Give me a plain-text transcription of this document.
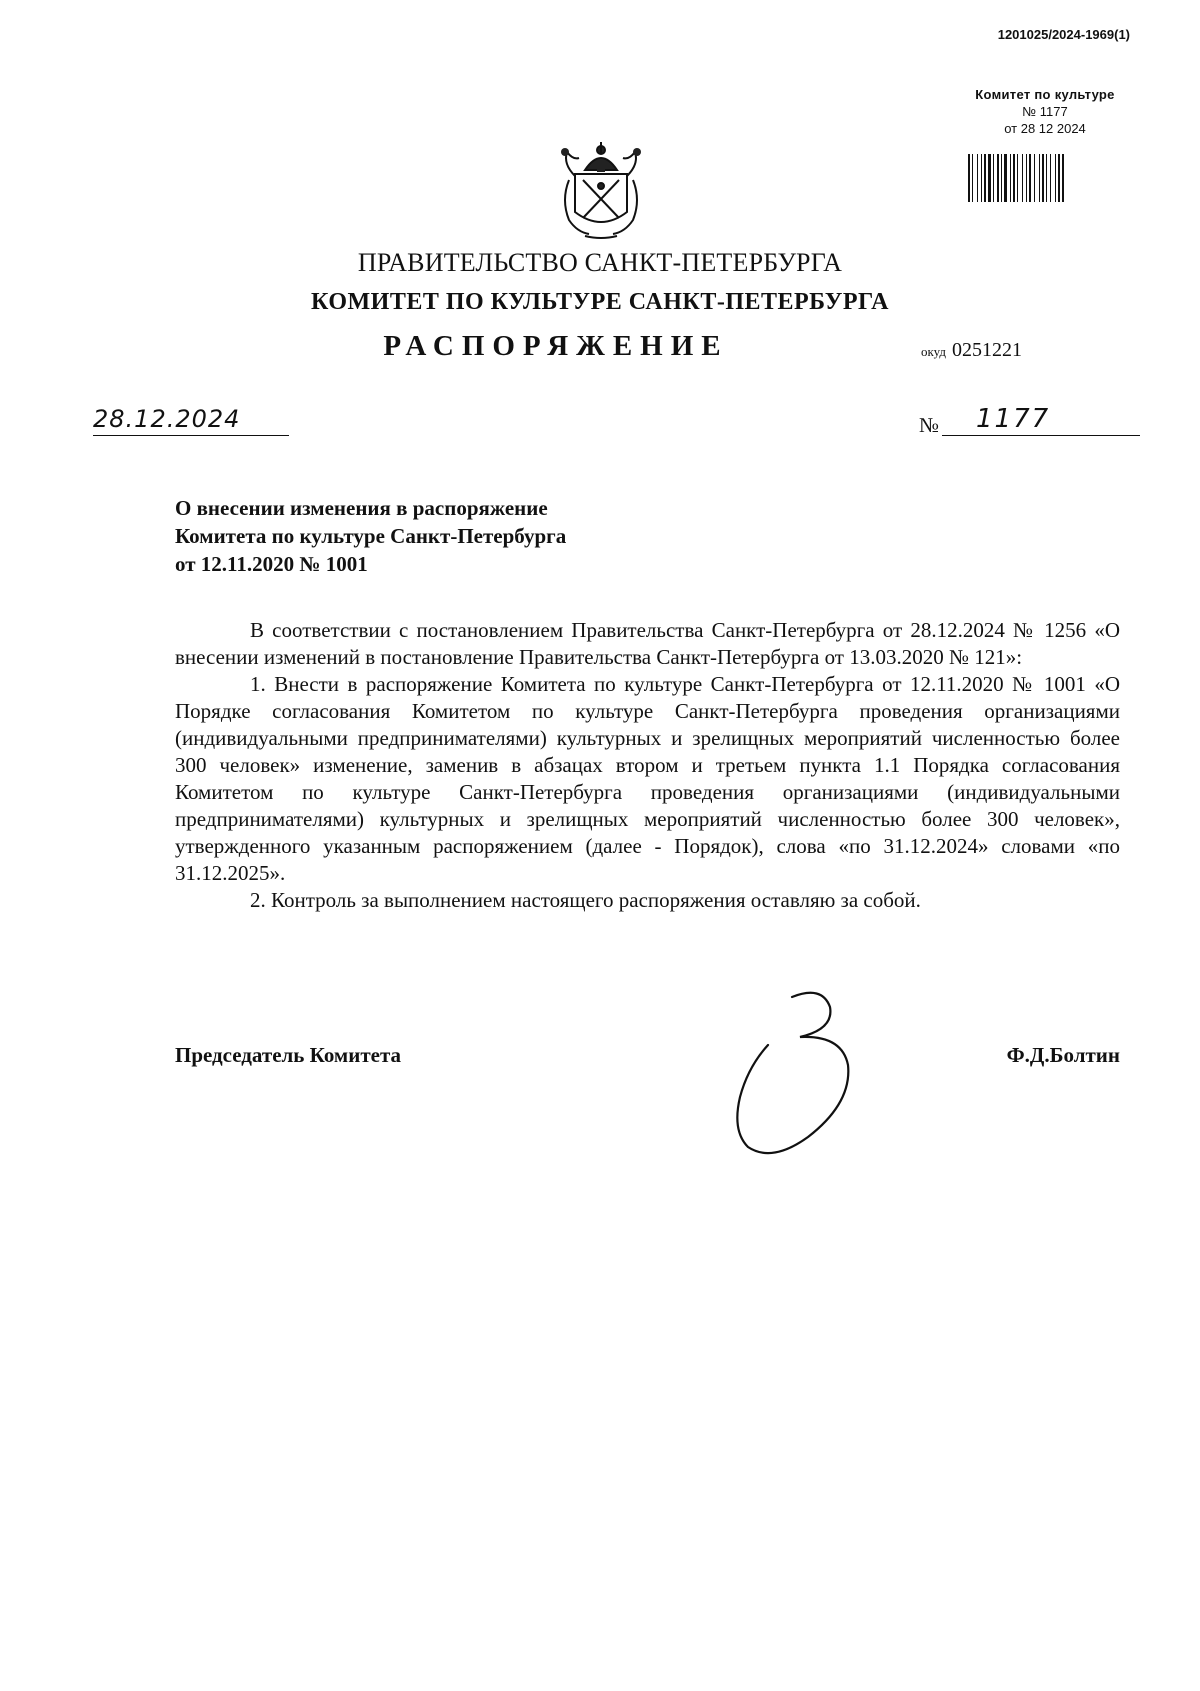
1201025/2024-1969(1)
Комитет по культуре
№ 1177
от 28 12 2024
ПРАВИТЕЛЬСТВО САНКТ-ПЕТЕРБУРГА
КОМИТЕТ ПО КУЛЬТУРЕ САНКТ-ПЕТЕРБУРГА
РАСПОРЯЖЕНИЕ	окуд 0251221
28.12.2024	№ 1177
О внесении изменения в распоряжение
Комитета по культуре Санкт-Петербурга
от 12.11.2020 № 1001

В соответствии с постановлением Правительства Санкт-Петербурга от 28.12.2024 № 1256 «О внесении изменений в постановление Правительства Санкт-Петербурга от 13.03.2020 № 121»:

1. Внести в распоряжение Комитета по культуре Санкт-Петербурга от 12.11.2020 № 1001 «О Порядке согласования Комитетом по культуре Санкт-Петербурга проведения организациями (индивидуальными предпринимателями) культурных и зрелищных мероприятий численностью более 300 человек» изменение, заменив в абзацах втором и третьем пункта 1.1 Порядка согласования Комитетом по культуре Санкт-Петербурга проведения организациями (индивидуальными предпринимателями) культурных и зрелищных мероприятий численностью более 300 человек», утвержденного указанным распоряжением (далее - Порядок), слова «по 31.12.2024» словами «по 31.12.2025».

2. Контроль за выполнением настоящего распоряжения оставляю за собой.

Председатель Комитета	Ф.Д.Болтин
